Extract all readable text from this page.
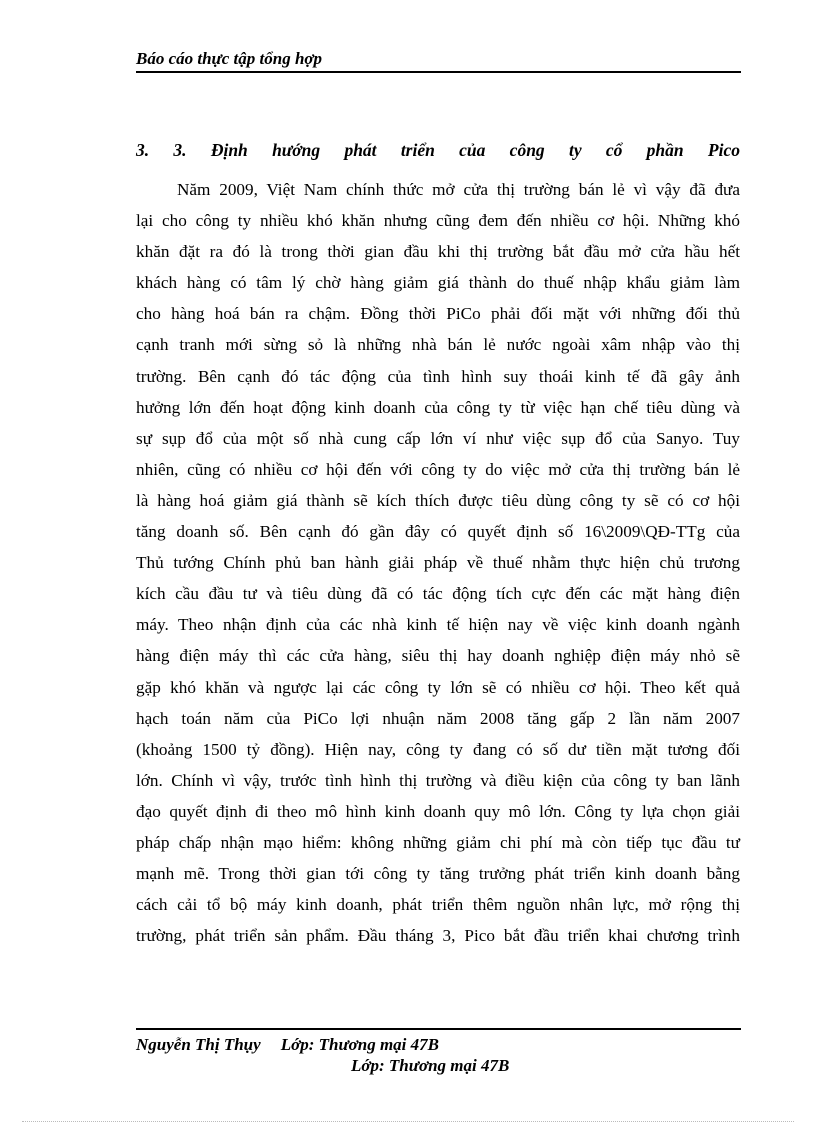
Báo cáo thực tập tổng hợp
3. 3. Định hướng phát triển của công ty cổ phần Pico
Năm 2009, Việt Nam chính thức mở cửa thị trường bán lẻ vì vậy đã đưa
lại cho công ty nhiều khó khăn nhưng cũng đem đến nhiều cơ hội. Những khó
khăn đặt ra đó là trong thời gian đầu khi thị trường bắt đầu mở cửa hầu hết
khách hàng có tâm lý chờ hàng giảm giá thành do thuế nhập khẩu giảm làm
cho hàng hoá bán ra chậm. Đồng thời PiCo phải đối mặt với những đối thủ
cạnh tranh mới sừng sỏ là những nhà bán lẻ nước ngoài xâm nhập vào thị
trường. Bên cạnh đó tác động của tình hình suy thoái kinh tế đã gây ảnh
hưởng lớn đến hoạt động kinh doanh của công ty từ việc hạn chế tiêu dùng và
sự sụp đổ của một số nhà cung cấp lớn ví như việc sụp đổ của Sanyo. Tuy
nhiên, cũng có nhiều cơ hội đến với công ty do việc mở cửa thị trường bán lẻ
là hàng hoá giảm giá thành sẽ kích thích được tiêu dùng công ty sẽ có cơ hội
tăng doanh số. Bên cạnh đó gần đây có quyết định số 16\2009\QĐ-TTg của
Thủ tướng Chính phủ ban hành giải pháp về thuế nhằm thực hiện chủ trương
kích cầu đầu tư và tiêu dùng đã có tác động tích cực đến các mặt hàng điện
máy. Theo nhận định của các nhà kinh tế hiện nay về việc kinh doanh ngành
hàng điện máy thì các cửa hàng, siêu thị hay doanh nghiệp điện máy nhỏ sẽ
gặp khó khăn và ngược lại các công ty lớn sẽ có nhiều cơ hội. Theo kết quả
hạch toán năm của PiCo lợi nhuận năm 2008 tăng gấp 2 lần năm 2007
(khoảng 1500 tỷ đồng). Hiện nay, công ty đang có số dư tiền mặt tương đối
lớn. Chính vì vậy, trước tình hình thị trường và điều kiện của công ty ban lãnh
đạo quyết định đi theo mô hình kinh doanh quy mô lớn. Công ty lựa chọn giải
pháp chấp nhận mạo hiểm: không những giảm chi phí mà còn tiếp tục đầu tư
mạnh mẽ. Trong thời gian tới công ty tăng trưởng phát triển kinh doanh bằng
cách cải tổ bộ máy kinh doanh, phát triển thêm nguồn nhân lực, mở rộng thị
trường, phát triển sản phẩm. Đầu tháng 3, Pico bắt đầu triển khai chương trình
Nguyễn Thị Thụy Lớp: Thương mại 47B
Lớp: Thương mại 47B
